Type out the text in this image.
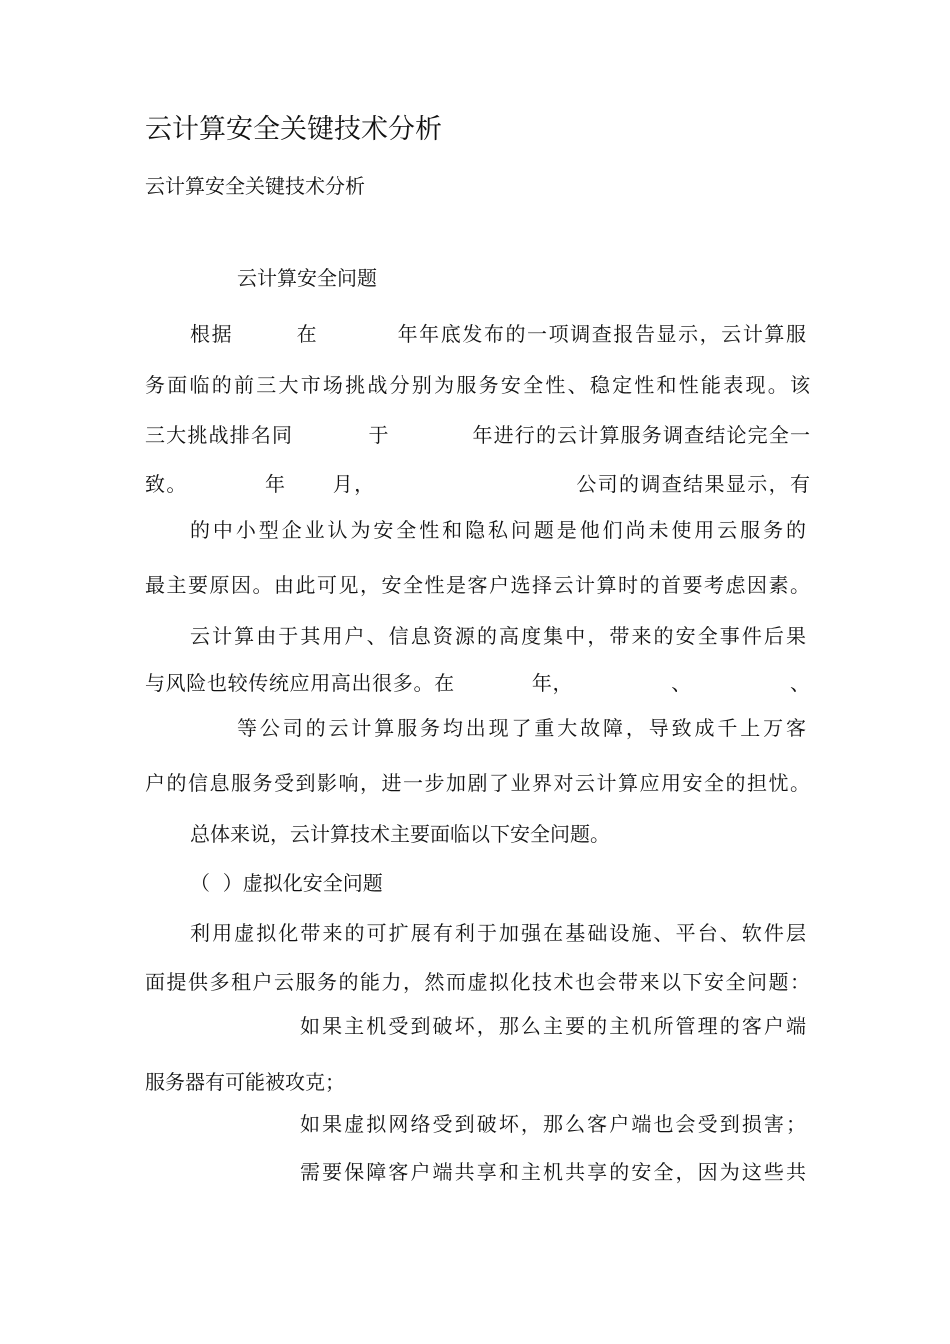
云计算安全关键技术分析
云计算安全关键技术分析
云计算安全问题
根据        在          年年底发布的一项调查报告显示，云计算服
务面临的前三大市场挑战分别为服务安全性、稳定性和性能表现。该
三大挑战排名同          于           年进行的云计算服务调查结论完全一
致。          年      月，                          公司的调查结果显示，有
的中小型企业认为安全性和隐私问题是他们尚未使用云服务的
最主要原因。由此可见，安全性是客户选择云计算时的首要考虑因素。
云计算由于其用户、信息资源的高度集中，带来的安全事件后果
与风险也较传统应用高出很多。在           年，              、              、
等公司的云计算服务均出现了重大故障，导致成千上万客
户的信息服务受到影响，进一步加剧了业界对云计算应用安全的担忧。
总体来说，云计算技术主要面临以下安全问题。
（  ）虚拟化安全问题
利用虚拟化带来的可扩展有利于加强在基础设施、平台、软件层
面提供多租户云服务的能力，然而虚拟化技术也会带来以下安全问题：
如果主机受到破坏，那么主要的主机所管理的客户端
服务器有可能被攻克；
如果虚拟网络受到破坏，那么客户端也会受到损害；
需要保障客户端共享和主机共享的安全，因为这些共
